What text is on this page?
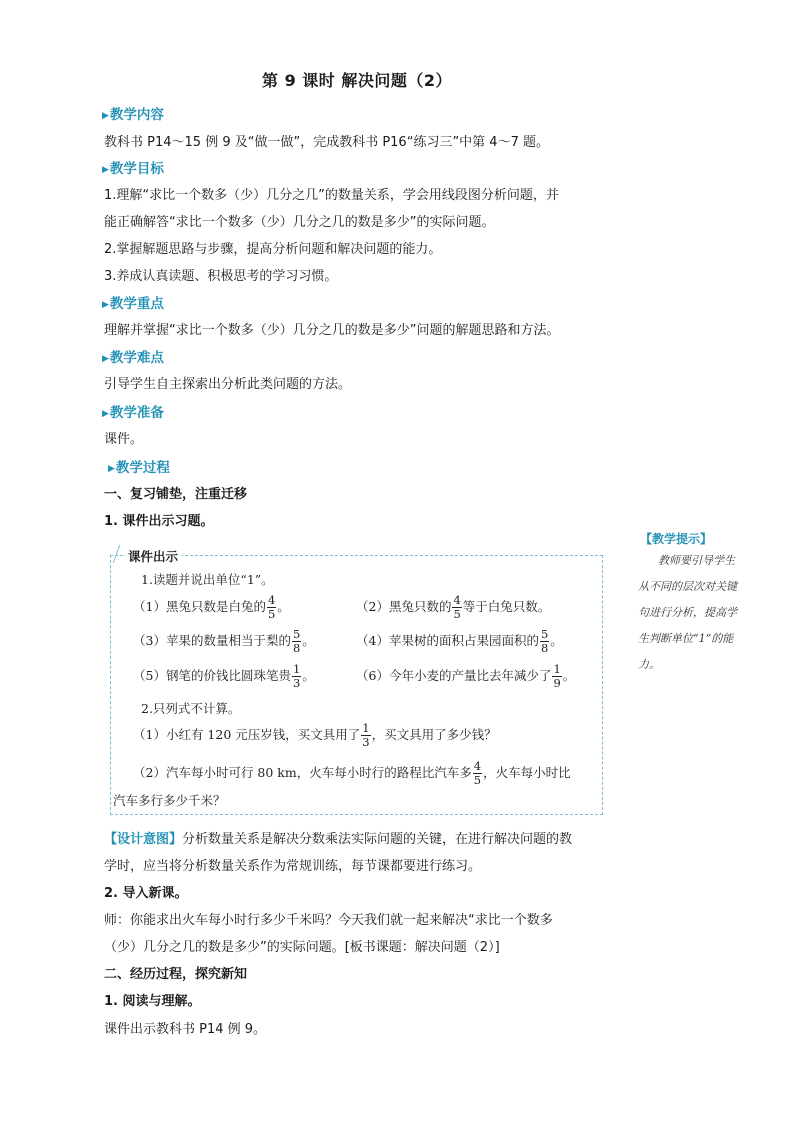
第 9 课时 解决问题（2）
▶教学内容
教科书 P14～15 例 9 及“做一做”，完成教科书 P16“练习三”中第 4～7 题。
▶教学目标
1.理解“求比一个数多（少）几分之几”的数量关系，学会用线段图分析问题，并
能正确解答“求比一个数多（少）几分之几的数是多少”的实际问题。
2.掌握解题思路与步骤，提高分析问题和解决问题的能力。
3.养成认真读题、积极思考的学习习惯。
▶教学重点
理解并掌握“求比一个数多（少）几分之几的数是多少”问题的解题思路和方法。
▶教学难点
引导学生自主探索出分析此类问题的方法。
▶教学准备
课件。
▶教学过程
一、复习铺垫，注重迁移
1. 课件出示习题。
【教学提示】
教师要引导学生
从不同的层次对关键
句进行分析，提高学
生判断单位“1”的能
力。
1.读题并说出单位“1”。
（1）黑兔只数是白兔的 $\frac{4}{5}$ 。	（2）黑兔只数的 $\frac{4}{5}$ 等于白兔只数。
（3）苹果的数量相当于梨的 $\frac{5}{8}$ 。	（4）苹果树的面积占果园面积的 $\frac{5}{8}$ 。
（5）钢笔的价钱比圆珠笔贵 $\frac{1}{3}$ 。	（6）今年小麦的产量比去年减少了 $\frac{1}{9}$ 。
2.只列式不计算。
（1）小红有 120 元压岁钱，买文具用了 $\frac{1}{3}$ ，买文具用了多少钱？
（2）汽车每小时可行 80 km，火车每小时行的路程比汽车多 $\frac{4}{5}$ ，火车每小时比
汽车多行多少千米？
课件出示
【设计意图】分析数量关系是解决分数乘法实际问题的关键，在进行解决问题的教
学时，应当将分析数量关系作为常规训练，每节课都要进行练习。
2. 导入新课。
师：你能求出火车每小时行多少千米吗？今天我们就一起来解决“求比一个数多
（少）几分之几的数是多少”的实际问题。[板书课题：解决问题（2）]
二、经历过程，探究新知
1. 阅读与理解。
课件出示教科书 P14 例 9。
